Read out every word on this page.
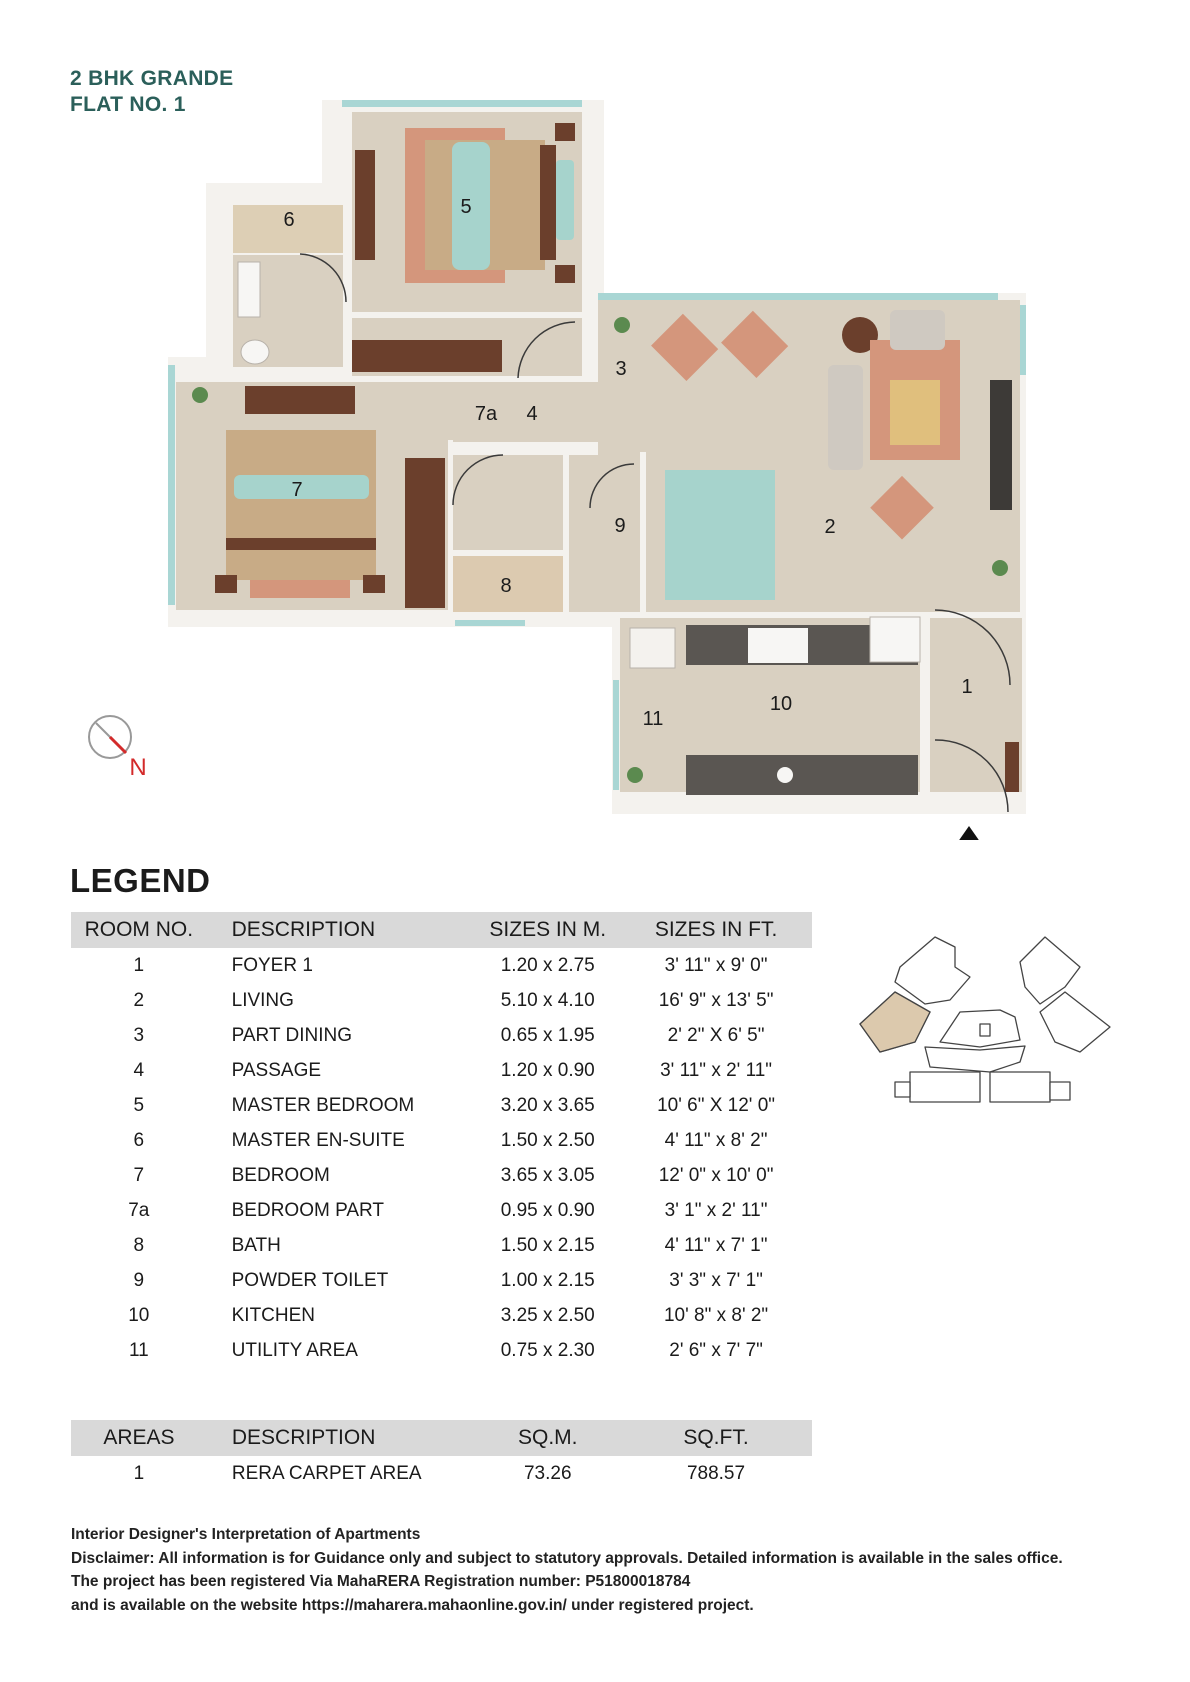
2 BHK GRANDE
FLAT NO. 1
1
2
3
4
5
6
7
7a
8
9
10
11
N
LEGEND
ROOM NO.	DESCRIPTION	SIZES IN M.	SIZES IN FT.
1	FOYER 1	1.20 x 2.75	3' 11" x 9' 0"
2	LIVING	5.10 x 4.10	16' 9" x 13' 5"
3	PART DINING	0.65 x 1.95	2' 2" X 6' 5"
4	PASSAGE	1.20 x 0.90	3' 11" x 2' 11"
5	MASTER BEDROOM	3.20 x 3.65	10' 6" X 12' 0"
6	MASTER EN-SUITE	1.50 x 2.50	4' 11" x 8' 2"
7	BEDROOM	3.65 x 3.05	12' 0" x 10' 0"
7a	BEDROOM PART	0.95 x 0.90	3' 1" x 2' 11"
8	BATH	1.50 x 2.15	4' 11" x 7' 1"
9	POWDER TOILET	1.00 x 2.15	3' 3" x 7' 1"
10	KITCHEN	3.25 x 2.50	10' 8" x 8' 2"
11	UTILITY AREA	0.75 x 2.30	2' 6" x 7' 7"
AREAS	DESCRIPTION	SQ.M.	SQ.FT.
1	RERA CARPET AREA	73.26	788.57
Interior Designer's Interpretation of Apartments
Disclaimer: All information is for Guidance only and subject to statutory approvals. Detailed information is available in the sales office.
The project has been registered Via MahaRERA Registration number: P51800018784
and is available on the website https://maharera.mahaonline.gov.in/ under registered project.
